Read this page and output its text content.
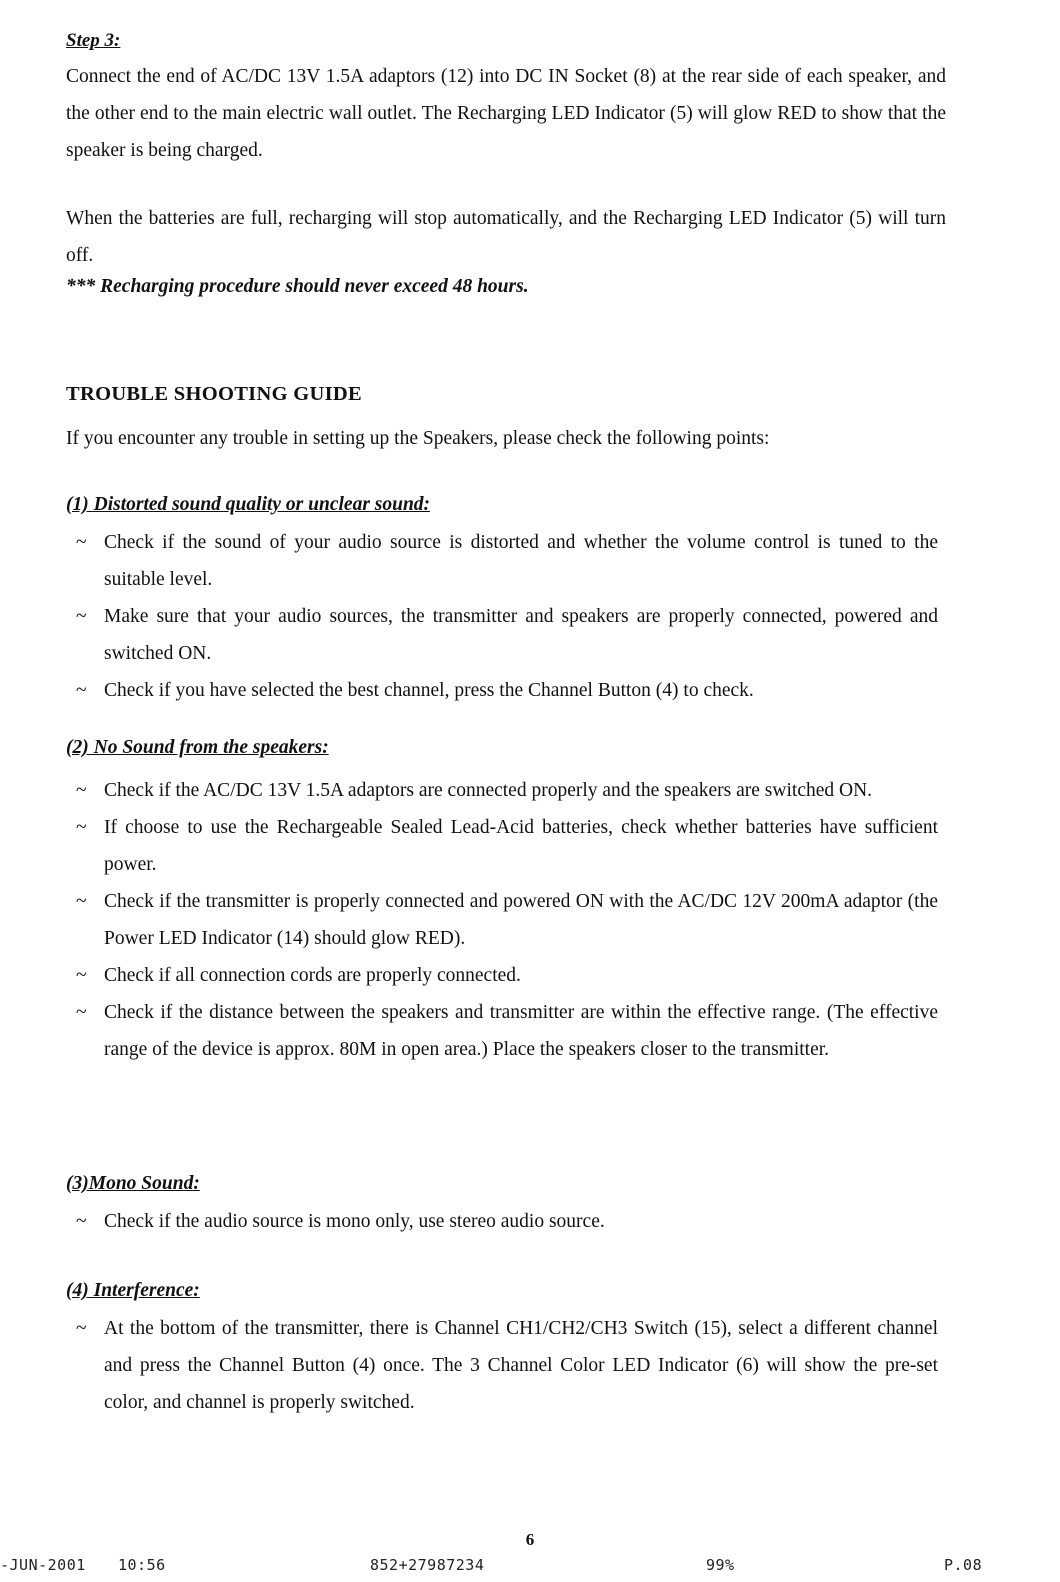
Step 3:
Connect the end of AC/DC 13V 1.5A adaptors (12) into DC IN Socket (8) at the rear side of each speaker, and the other end to the main electric wall outlet. The Recharging LED Indicator (5) will glow RED to show that the speaker is being charged.
When the batteries are full, recharging will stop automatically, and the Recharging LED Indicator (5) will turn off.
*** Recharging procedure should never exceed 48 hours.
TROUBLE SHOOTING GUIDE
If you encounter any trouble in setting up the Speakers, please check the following points:
(1) Distorted sound quality or unclear sound:
~ Check if the sound of your audio source is distorted and whether the volume control is tuned to the suitable level.
~ Make sure that your audio sources, the transmitter and speakers are properly connected, powered and switched ON.
~ Check if you have selected the best channel, press the Channel Button (4) to check.
(2) No Sound from the speakers:
~ Check if the AC/DC 13V 1.5A adaptors are connected properly and the speakers are switched ON.
~ If choose to use the Rechargeable Sealed Lead-Acid batteries, check whether batteries have sufficient power.
~ Check if the transmitter is properly connected and powered ON with the AC/DC 12V 200mA adaptor (the Power LED Indicator (14) should glow RED).
~ Check if all connection cords are properly connected.
~ Check if the distance between the speakers and transmitter are within the effective range. (The effective range of the device is approx. 80M in open area.) Place the speakers closer to the transmitter.
(3)Mono Sound:
~ Check if the audio source is mono only, use stereo audio source.
(4) Interference:
~ At the bottom of the transmitter, there is Channel CH1/CH2/CH3 Switch (15), select a different channel and press the Channel Button (4) once. The 3 Channel Color LED Indicator (6) will show the pre-set color, and channel is properly switched.
6
-JUN-2001 10:56	852+27987234	99%	P.08
